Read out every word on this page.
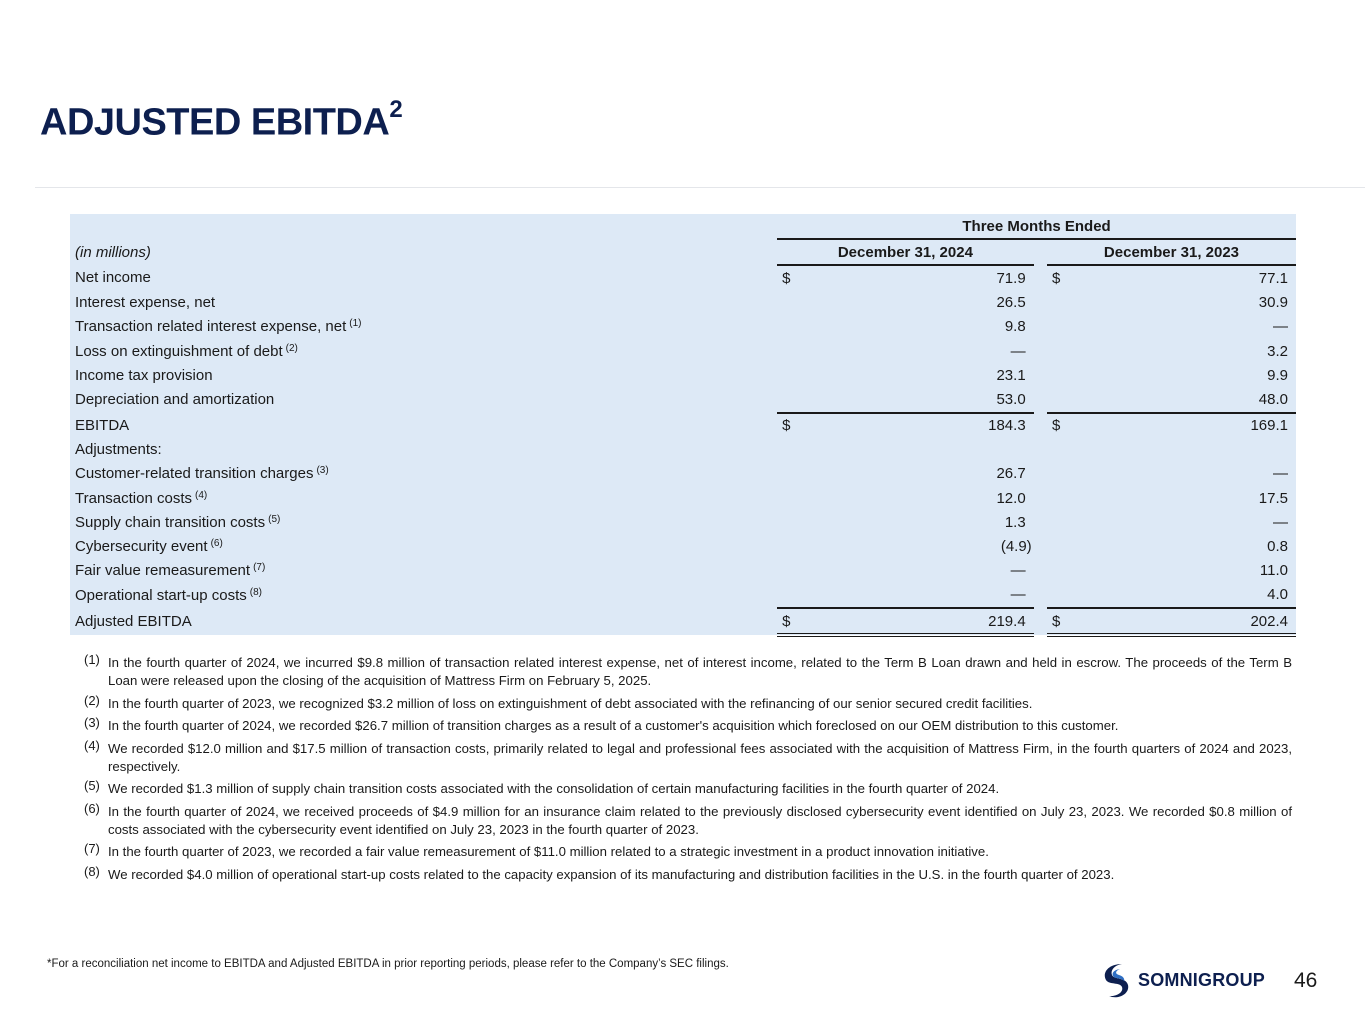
ADJUSTED EBITDA$^2$
	Three Months Ended				
(in millions)	December 31, 2024			December 31, 2023	
Net income	$	71.9		$	77.1
Interest expense, net		26.5			30.9
Transaction related interest expense, net $^{(1)}$		9.8			—
Loss on extinguishment of debt $^{(2)}$		—			3.2
Income tax provision		23.1			9.9
Depreciation and amortization		53.0			48.0
EBITDA	$	184.3		$	169.1
Adjustments:					
Customer-related transition charges $^{(3)}$		26.7			—
Transaction costs $^{(4)}$		12.0			17.5
Supply chain transition costs $^{(5)}$		1.3			—
Cybersecurity event $^{(6)}$		(4.9)			0.8
Fair value remeasurement $^{(7)}$		—			11.0
Operational start-up costs $^{(8)}$		—			4.0
Adjusted EBITDA	$	219.4		$	202.4
(1) In the fourth quarter of 2024, we incurred $9.8 million of transaction related interest expense, net of interest income, related to the Term B Loan drawn and held in escrow. The proceeds of the Term B Loan were released upon the closing of the acquisition of Mattress Firm on February 5, 2025.
(2) In the fourth quarter of 2023, we recognized $3.2 million of loss on extinguishment of debt associated with the refinancing of our senior secured credit facilities.
(3) In the fourth quarter of 2024, we recorded $26.7 million of transition charges as a result of a customer's acquisition which foreclosed on our OEM distribution to this customer.
(4) We recorded $12.0 million and $17.5 million of transaction costs, primarily related to legal and professional fees associated with the acquisition of Mattress Firm, in the fourth quarters of 2024 and 2023, respectively.
(5) We recorded $1.3 million of supply chain transition costs associated with the consolidation of certain manufacturing facilities in the fourth quarter of 2024.
(6) In the fourth quarter of 2024, we received proceeds of $4.9 million for an insurance claim related to the previously disclosed cybersecurity event identified on July 23, 2023. We recorded $0.8 million of costs associated with the cybersecurity event identified on July 23, 2023 in the fourth quarter of 2023.
(7) In the fourth quarter of 2023, we recorded a fair value remeasurement of $11.0 million related to a strategic investment in a product innovation initiative.
(8) We recorded $4.0 million of operational start-up costs related to the capacity expansion of its manufacturing and distribution facilities in the U.S. in the fourth quarter of 2023.
*For a reconciliation net income to EBITDA and Adjusted EBITDA in prior reporting periods, please refer to the Company’s SEC filings.
SOMNIGROUP 46
